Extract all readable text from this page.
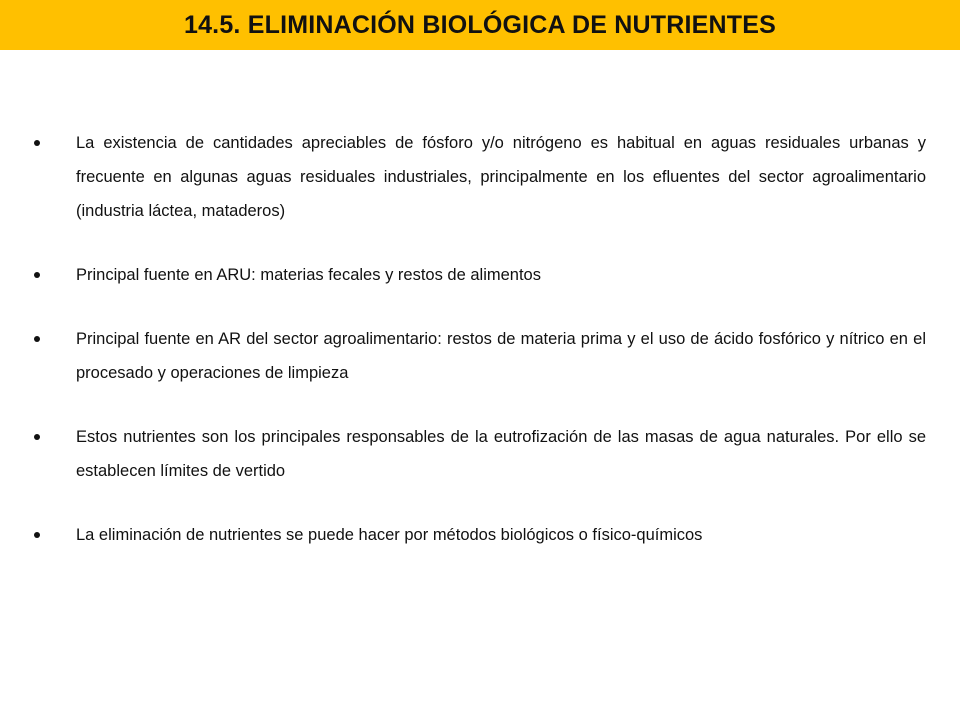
14.5. ELIMINACIÓN BIOLÓGICA DE NUTRIENTES
La existencia de cantidades apreciables de fósforo y/o nitrógeno es habitual en aguas residuales urbanas y frecuente en algunas aguas residuales industriales, principalmente en los efluentes del sector agroalimentario (industria láctea, mataderos)
Principal fuente en ARU: materias fecales y restos de alimentos
Principal fuente en AR del sector agroalimentario: restos de materia prima y el uso de ácido fosfórico y nítrico en el procesado y operaciones de limpieza
Estos nutrientes son los principales responsables de la eutrofización de las masas de agua naturales. Por ello se establecen límites de vertido
La eliminación de nutrientes se puede hacer por métodos biológicos o físico-químicos
